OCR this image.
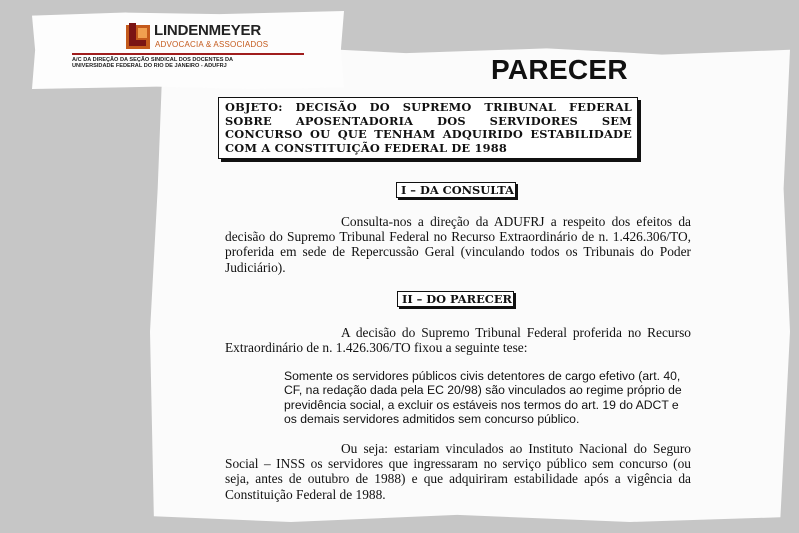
LINDENMEYER
ADVOCACIA & ASSOCIADOS
A/C DA DIREÇÃO DA SEÇÃO SINDICAL DOS DOCENTES DA
UNIVERSIDADE FEDERAL DO RIO DE JANEIRO - ADUFRJ	PARECER
OBJETO: DECISÃO DO SUPREMO TRIBUNAL FEDERAL SOBRE APOSENTADORIA DOS SERVIDORES SEM CONCURSO OU QUE TENHAM ADQUIRIDO ESTABILIDADE COM A CONSTITUIÇÃO FEDERAL DE 1988
I – DA CONSULTA
Consulta-nos a direção da ADUFRJ a respeito dos efeitos da decisão do Supremo Tribunal Federal no Recurso Extraordinário de n. 1.426.306/TO, proferida em sede de Repercussão Geral (vinculando todos os Tribunais do Poder Judiciário).
II – DO PARECER
A decisão do Supremo Tribunal Federal proferida no Recurso Extraordinário de n. 1.426.306/TO fixou a seguinte tese:
Somente os servidores públicos civis detentores de cargo efetivo (art. 40, CF, na redação dada pela EC 20/98) são vinculados ao regime próprio de previdência social, a excluir os estáveis nos termos do art. 19 do ADCT e os demais servidores admitidos sem concurso público.
Ou seja: estariam vinculados ao Instituto Nacional do Seguro Social – INSS os servidores que ingressaram no serviço público sem concurso (ou seja, antes de outubro de 1988) e que adquiriram estabilidade após a vigência da Constituição Federal de 1988.
